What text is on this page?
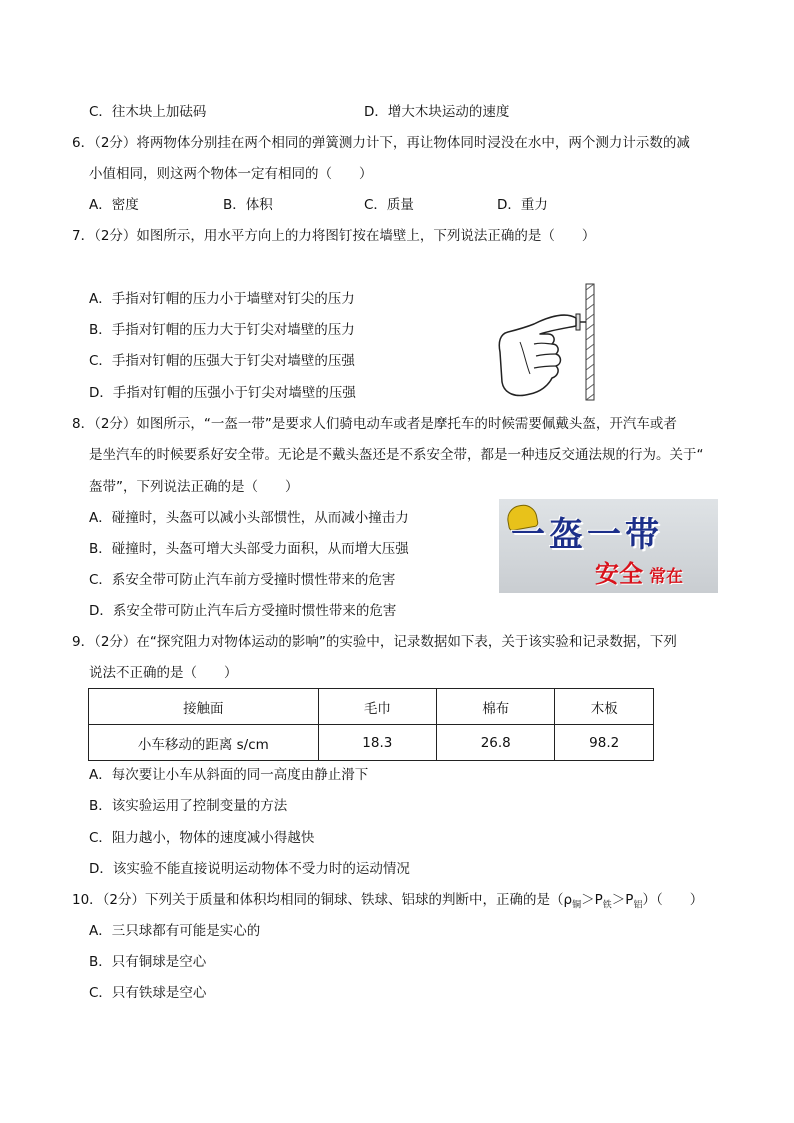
C．往木块上加砝码	D．增大木块运动的速度
6．（2分）将两物体分别挂在两个相同的弹簧测力计下，再让物体同时浸没在水中，两个测力计示数的减
小值相同，则这两个物体一定有相同的（　　）
A．密度	B．体积	C．质量	D．重力
7．（2分）如图所示，用水平方向上的力将图钉按在墙壁上，下列说法正确的是（　　）
A．手指对钉帽的压力小于墙壁对钉尖的压力
B．手指对钉帽的压力大于钉尖对墙壁的压力
C．手指对钉帽的压强大于钉尖对墙壁的压强
D．手指对钉帽的压强小于钉尖对墙壁的压强
8．（2分）如图所示，“一盔一带”是要求人们骑电动车或者是摩托车的时候需要佩戴头盔，开汽车或者
是坐汽车的时候要系好安全带。无论是不戴头盔还是不系安全带，都是一种违反交通法规的行为。关于“
盔带”，下列说法正确的是（　　）
A．碰撞时，头盔可以减小头部惯性，从而减小撞击力
B．碰撞时，头盔可增大头部受力面积，从而增大压强
C．系安全带可防止汽车前方受撞时惯性带来的危害
D．系安全带可防止汽车后方受撞时惯性带来的危害
一盔一带
安全 常在
9．（2分）在“探究阻力对物体运动的影响”的实验中，记录数据如下表，关于该实验和记录数据，下列
说法不正确的是（　　）
接触面	毛巾	棉布	木板
小车移动的距离 s/cm	18.3	26.8	98.2
A．每次要让小车从斜面的同一高度由静止滑下
B．该实验运用了控制变量的方法
C．阻力越小，物体的速度减小得越快
D．该实验不能直接说明运动物体不受力时的运动情况
10．（2分）下列关于质量和体积均相同的铜球、铁球、铝球的判断中，正确的是$(\rho_铜>P_铁>P_铝)$（　　）
A．三只球都有可能是实心的
B．只有铜球是空心
C．只有铁球是空心
